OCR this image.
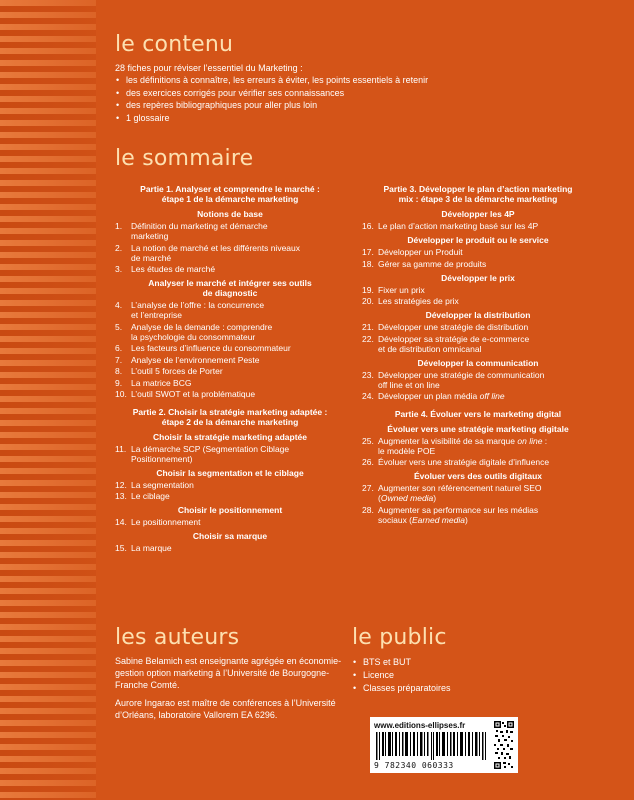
le contenu
28 fiches pour réviser l’essentiel du Marketing :
• les définitions à connaître, les erreurs à éviter, les points essentiels à retenir
• des exercices corrigés pour vérifier ses connaissances
• des repères bibliographiques pour aller plus loin
• 1 glossaire
le sommaire
Partie 1. Analyser et comprendre le marché :
étape 1 de la démarche marketing
Notions de base
1.	Définition du marketing et démarche
marketing
2.	La notion de marché et les différents niveaux
de marché
3.	Les études de marché
Analyser le marché et intégrer ses outils
de diagnostic
4.	L’analyse de l’offre : la concurrence
et l’entreprise
5.	Analyse de la demande : comprendre
la psychologie du consommateur
6.	Les facteurs d’influence du consommateur
7.	Analyse de l’environnement Peste
8.	L’outil 5 forces de Porter
9.	La matrice BCG
10. L’outil SWOT et la problématique
Partie 2. Choisir la stratégie marketing adaptée :
étape 2 de la démarche marketing
Choisir la stratégie marketing adaptée
11. La démarche SCP (Segmentation Ciblage
Positionnement)
Choisir la segmentation et le ciblage
12. La segmentation
13. Le ciblage
Choisir le positionnement
14. Le positionnement
Choisir sa marque
15. La marque
Partie 3. Développer le plan d’action marketing
mix : étape 3 de la démarche marketing
Développer les 4P
16. Le plan d’action marketing basé sur les 4P
Développer le produit ou le service
17. Développer un Produit
18. Gérer sa gamme de produits
Développer le prix
19. Fixer un prix
20. Les stratégies de prix
Développer la distribution
21. Développer une stratégie de distribution
22. Développer sa stratégie de e-commerce
et de distribution omnicanal
Développer la communication
23. Développer une stratégie de communication
off line et on line
24. Développer un plan média off line
Partie 4. Évoluer vers le marketing digital
Évoluer vers une stratégie marketing digitale
25. Augmenter la visibilité de sa marque on line :
le modèle POE
26. Évoluer vers une stratégie digitale d’influence
Évoluer vers des outils digitaux
27. Augmenter son référencement naturel SEO
(Owned media)
28. Augmenter sa performance sur les médias
sociaux (Earned media)
les auteurs

Sabine Belamich est enseignante agrégée en économie-gestion option marketing à l’Université de Bourgogne-Franche Comté.

Aurore Ingarao est maître de conférences à l’Université d’Orléans, laboratoire Vallorem EA 6296.

le public
• BTS et BUT
• Licence
• Classes préparatoires
www.editions-ellipses.fr
9 782340 060333
